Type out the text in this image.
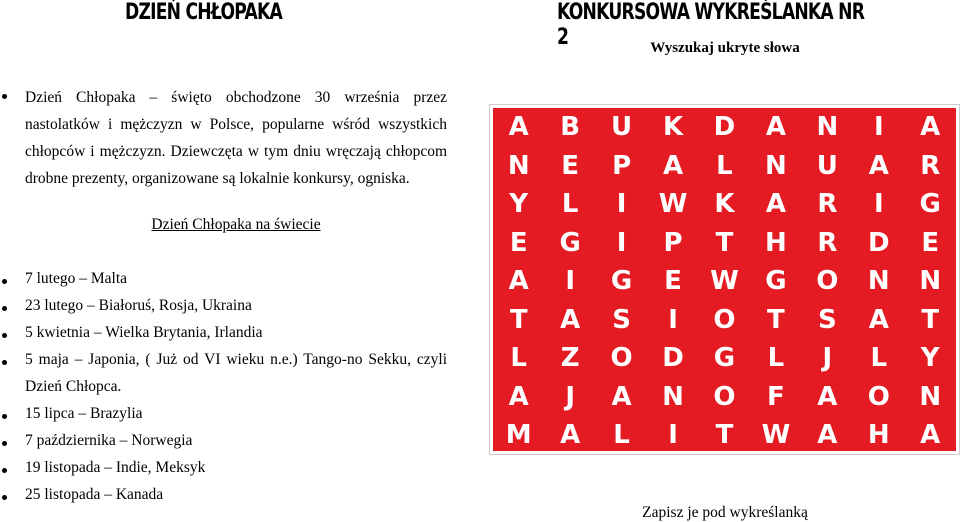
DZIEŃ CHŁOPAKA	KONKURSOWA WYKREŚLANKA NR 2	Wyszukaj ukryte słowa
Dzień Chłopaka – święto obchodzone 30 września przez
nastolatków i mężczyzn w Polsce, popularne wśród wszystkich
chłopców i mężczyzn. Dziewczęta w tym dniu wręczają chłopcom
drobne prezenty, organizowane są lokalnie konkursy, ogniska.
Dzień Chłopaka na świecie
7 lutego – Malta
23 lutego – Białoruś, Rosja, Ukraina
5 kwietnia – Wielka Brytania, Irlandia
5 maja – Japonia, ( Już od VI wieku n.e.) Tango-no Sekku, czyli
Dzień Chłopca.
15 lipca – Brazylia
7 października – Norwegia
19 listopada – Indie, Meksyk
25 listopada – Kanada
A	B	U	K	D	A	N	I	A
N	E	P	A	L	N	U	A	R
Y	L	I	W	K	A	R	I	G
E	G	I	P	T	H	R	D	E
A	I	G	E	W	G	O	N	N
T	A	S	I	O	T	S	A	T
L	Z	O	D	G	L	J	L	Y
A	J	A	N	O	F	A	O	N
M	A	L	I	T	W	A	H	A
Zapisz je pod wykreślanką
